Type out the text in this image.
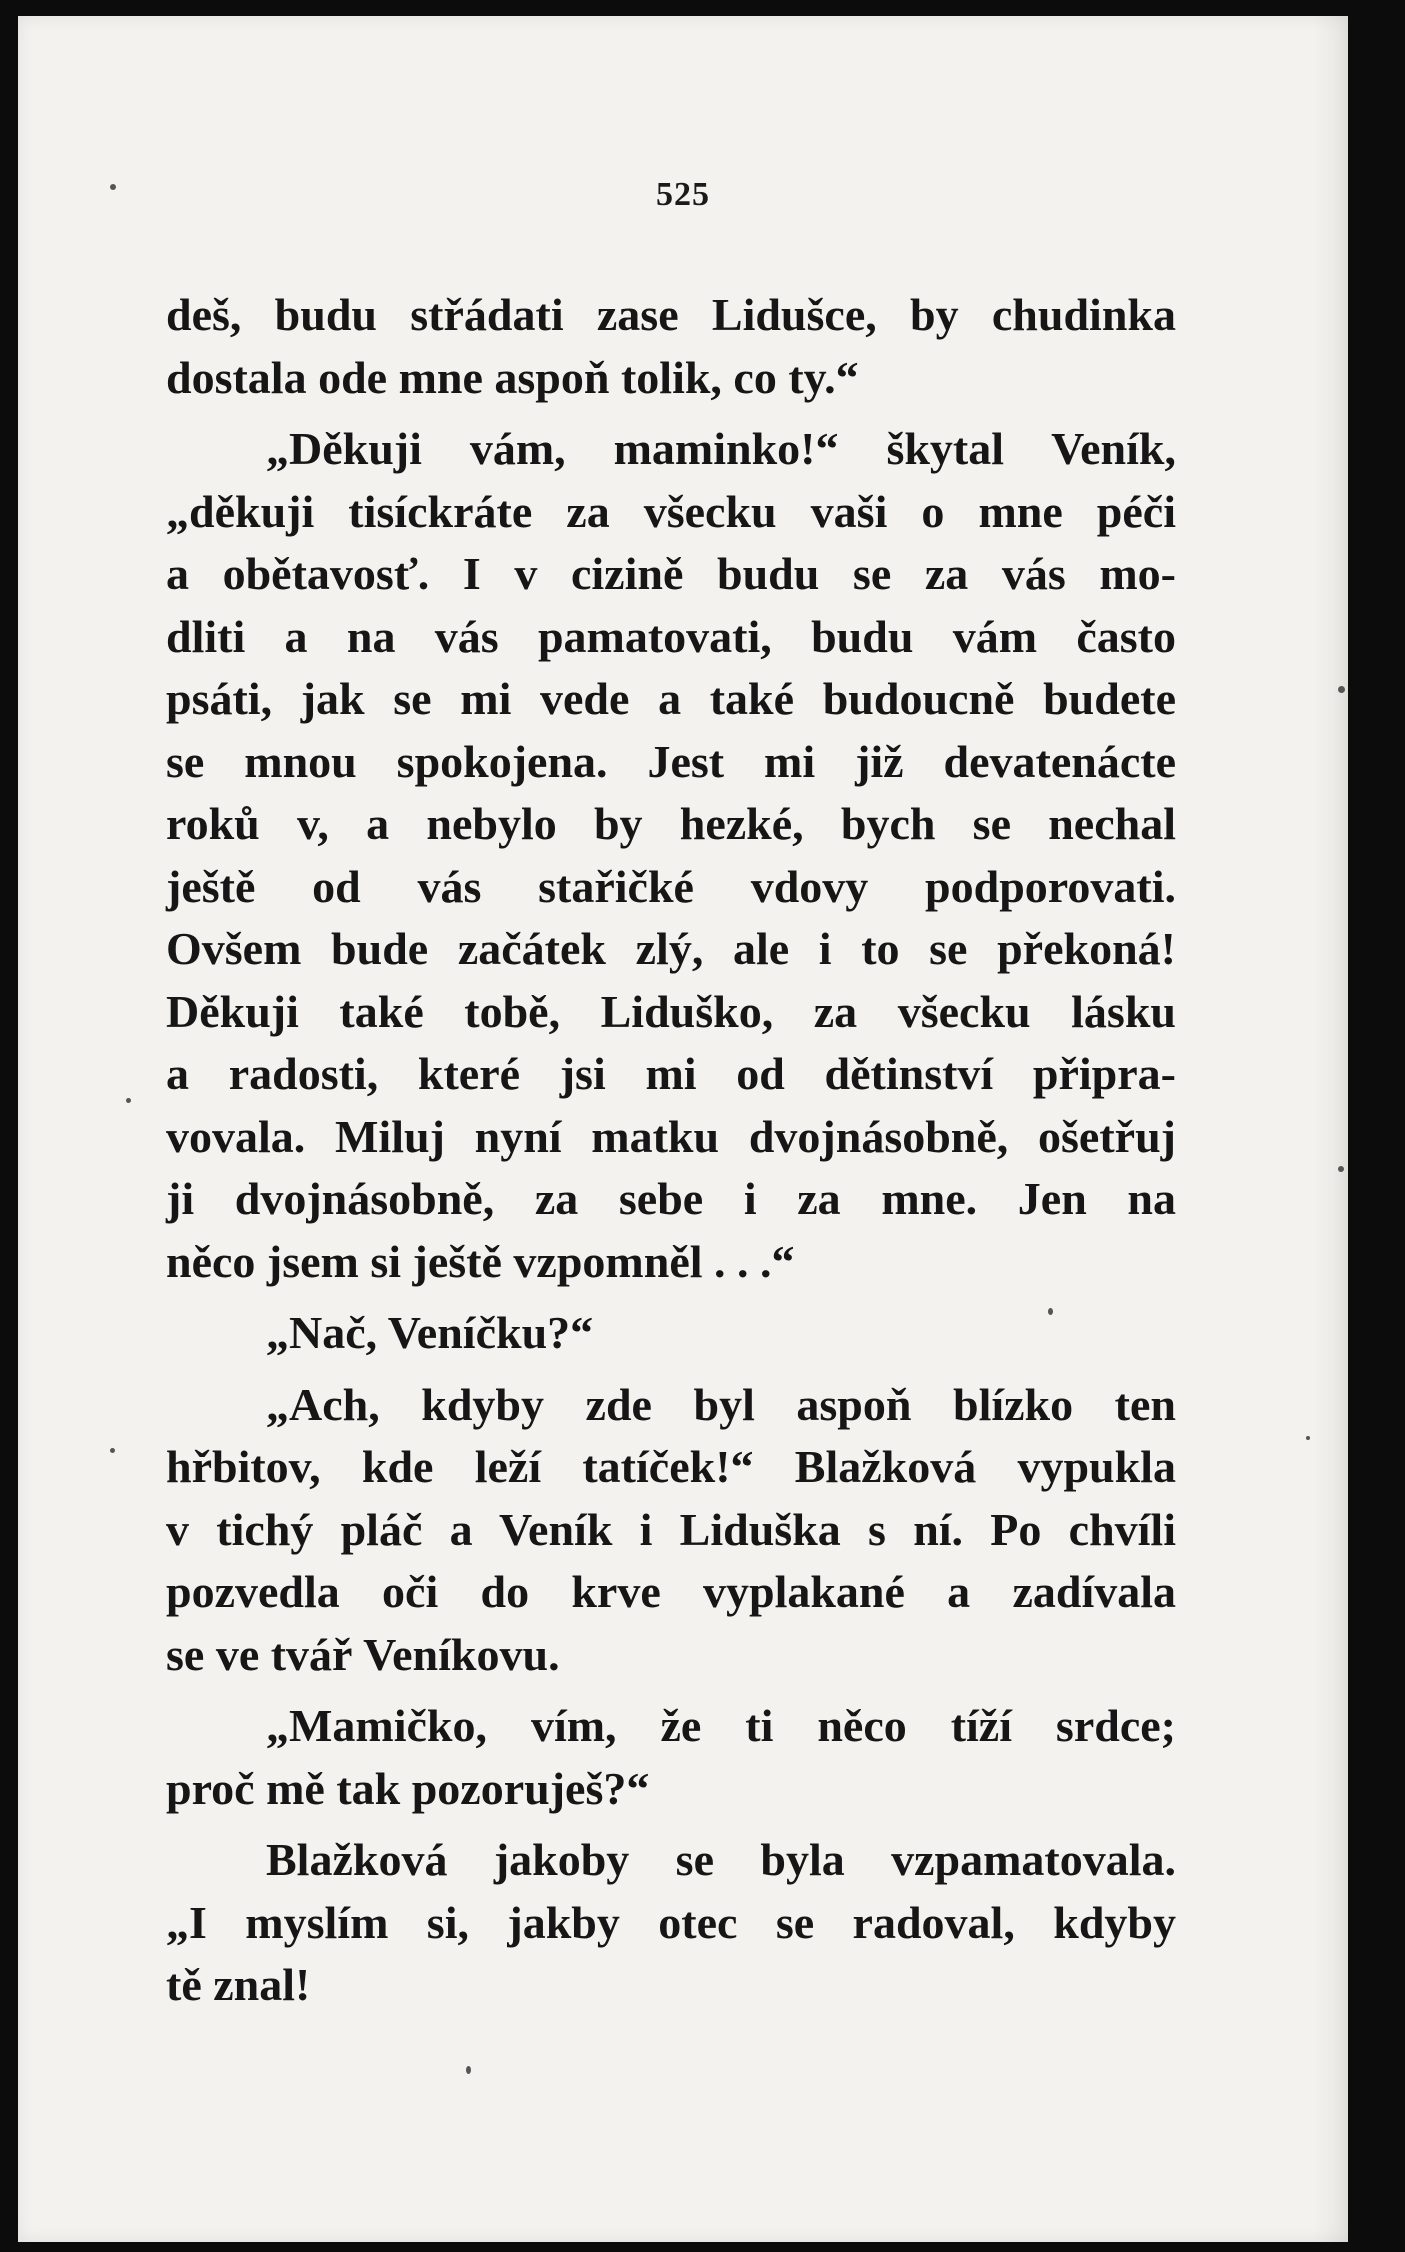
525
deš, budu střádati zase Lidušce, by chudinka
dostala ode mne aspoň tolik, co ty.“
„Děkuji vám, maminko!“ škytal Veník,
„děkuji tisíckráte za všecku vaši o mne péči
a obětavosť. I v cizině budu se za vás mo-
dliti a na vás pamatovati, budu vám často
psáti, jak se mi vede a také budoucně budete
se mnou spokojena. Jest mi již devatenácte
roků v, a nebylo by hezké, bych se nechal
ještě od vás stařičké vdovy podporovati.
Ovšem bude začátek zlý, ale i to se překoná!
Děkuji také tobě, Liduško, za všecku lásku
a radosti, které jsi mi od dětinství připra-
vovala. Miluj nyní matku dvojnásobně, ošetřuj
ji dvojnásobně, za sebe i za mne. Jen na
něco jsem si ještě vzpomněl . . .“
„Nač, Veníčku?“
„Ach, kdyby zde byl aspoň blízko ten
hřbitov, kde leží tatíček!“ Blažková vypukla
v tichý pláč a Veník i Liduška s ní. Po chvíli
pozvedla oči do krve vyplakané a zadívala
se ve tvář Veníkovu.
„Mamičko, vím, že ti něco tíží srdce;
proč mě tak pozoruješ?“
Blažková jakoby se byla vzpamatovala.
„I myslím si, jakby otec se radoval, kdyby
tě znal!
